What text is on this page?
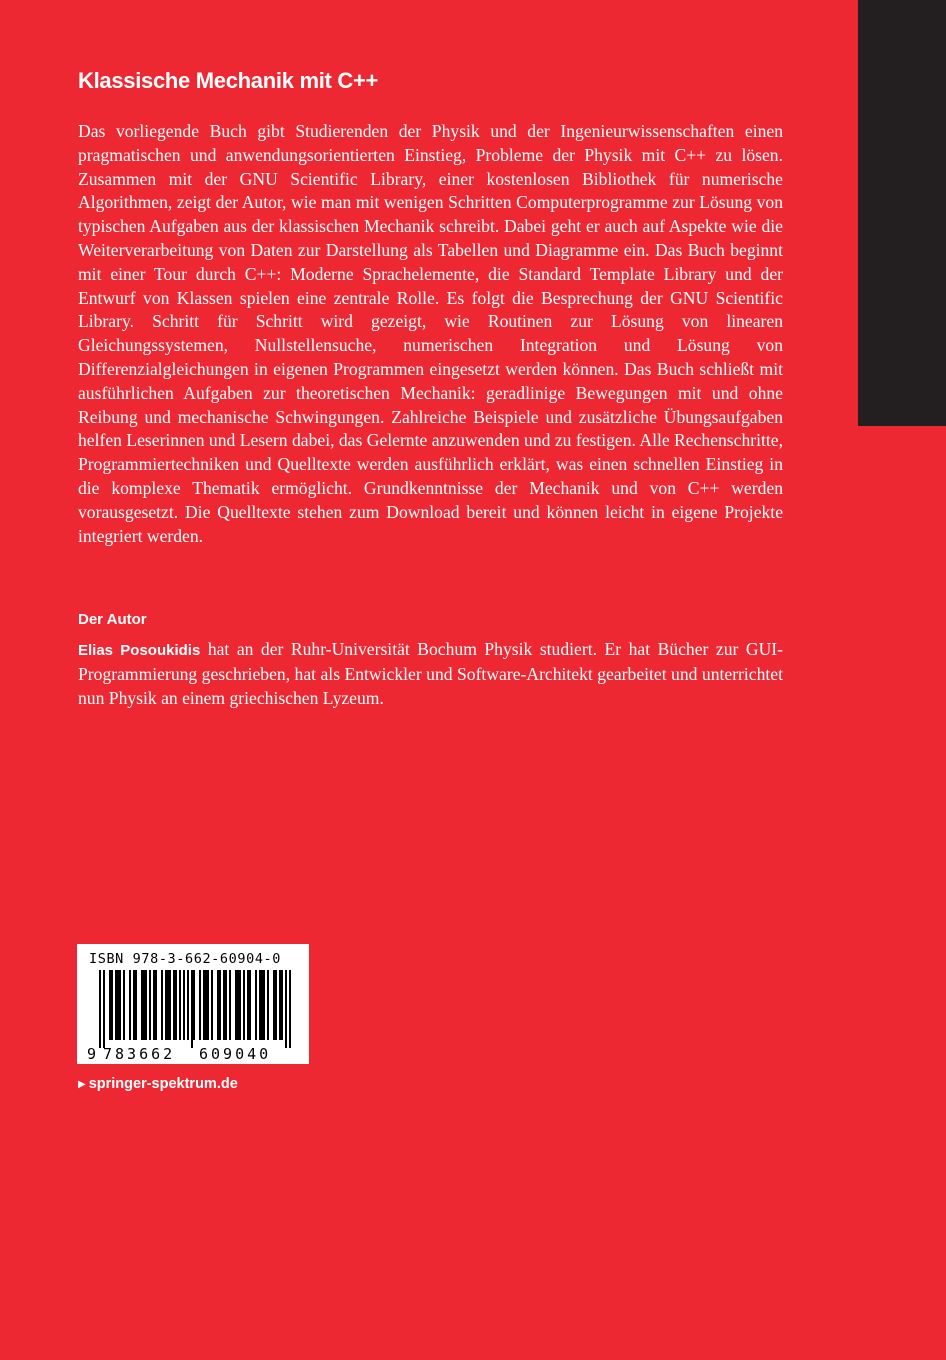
Klassische Mechanik mit C++
Das vorliegende Buch gibt Studierenden der Physik und der Ingenieurwissenschaften einen pragmatischen und anwendungsorientierten Einstieg, Probleme der Physik mit C++ zu lösen. Zusammen mit der GNU Scientific Library, einer kostenlosen Bibliothek für numerische Algorithmen, zeigt der Autor, wie man mit wenigen Schritten Computerprogramme zur Lösung von typischen Aufgaben aus der klassischen Mechanik schreibt. Dabei geht er auch auf Aspekte wie die Weiterverarbeitung von Daten zur Darstellung als Tabellen und Diagramme ein. Das Buch beginnt mit einer Tour durch C++: Moderne Sprachelemente, die Standard Template Library und der Entwurf von Klassen spielen eine zentrale Rolle. Es folgt die Besprechung der GNU Scientific Library. Schritt für Schritt wird gezeigt, wie Routinen zur Lösung von linearen Gleichungssystemen, Nullstellensuche, numerischen Integration und Lösung von Differenzialgleichungen in eigenen Programmen eingesetzt werden können. Das Buch schließt mit ausführlichen Aufgaben zur theoretischen Mechanik: geradlinige Bewegungen mit und ohne Reibung und mechanische Schwingungen. Zahlreiche Beispiele und zusätzliche Übungsaufgaben helfen Leserinnen und Lesern dabei, das Gelernte anzuwenden und zu festigen. Alle Rechenschritte, Programmiertechniken und Quelltexte werden ausführlich erklärt, was einen schnellen Einstieg in die komplexe Thematik ermöglicht. Grundkenntnisse der Mechanik und von C++ werden vorausgesetzt. Die Quelltexte stehen zum Download bereit und können leicht in eigene Projekte integriert werden.
Der Autor
Elias Posoukidis hat an der Ruhr-Universität Bochum Physik studiert. Er hat Bücher zur GUI-Programmierung geschrieben, hat als Entwickler und Software-Architekt gearbeitet und unterrichtet nun Physik an einem griechischen Lyzeum.
9 783662 609040
ISBN 978-3-662-60904-0
▶ springer-spektrum.de
